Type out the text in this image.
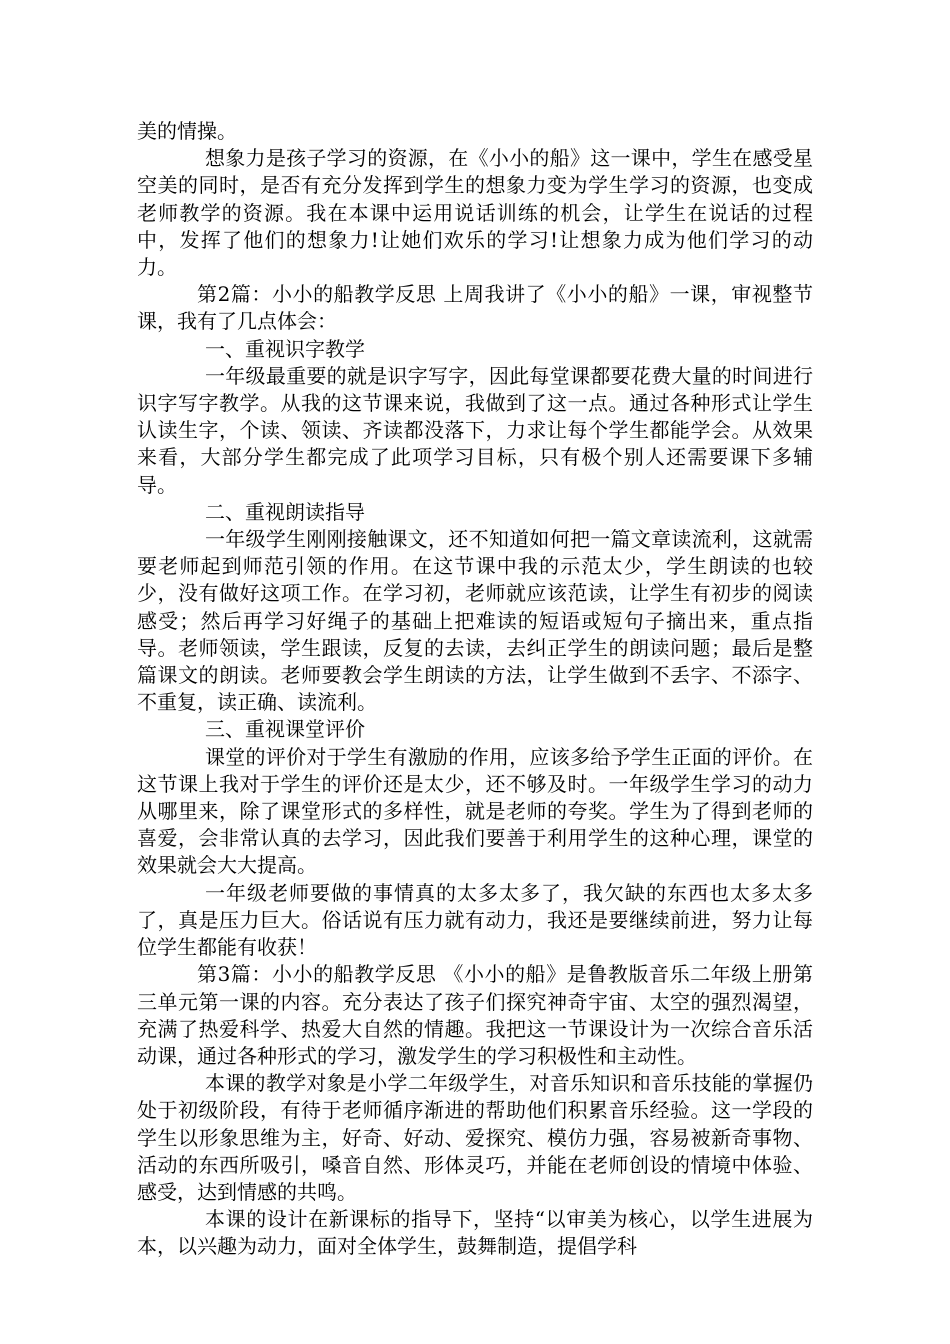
美的情操。

想象力是孩子学习的资源，在《小小的船》这一课中，学生在感受星空美的同时，是否有充分发挥到学生的想象力变为学生学习的资源，也变成老师教学的资源。我在本课中运用说话训练的机会，让学生在说话的过程中，发挥了他们的想象力!让她们欢乐的学习!让想象力成为他们学习的动力。

第2篇：小小的船教学反思 上周我讲了《小小的船》一课，审视整节课，我有了几点体会：

一、重视识字教学

一年级最重要的就是识字写字，因此每堂课都要花费大量的时间进行识字写字教学。从我的这节课来说，我做到了这一点。通过各种形式让学生认读生字，个读、领读、齐读都没落下，力求让每个学生都能学会。从效果来看，大部分学生都完成了此项学习目标，只有极个别人还需要课下多辅导。

二、重视朗读指导

一年级学生刚刚接触课文，还不知道如何把一篇文章读流利，这就需要老师起到师范引领的作用。在这节课中我的示范太少，学生朗读的也较少，没有做好这项工作。在学习初，老师就应该范读，让学生有初步的阅读感受；然后再学习好绳子的基础上把难读的短语或短句子摘出来，重点指导。老师领读，学生跟读，反复的去读，去纠正学生的朗读问题；最后是整篇课文的朗读。老师要教会学生朗读的方法，让学生做到不丢字、不添字、不重复，读正确、读流利。

三、重视课堂评价

课堂的评价对于学生有激励的作用，应该多给予学生正面的评价。在这节课上我对于学生的评价还是太少，还不够及时。一年级学生学习的动力从哪里来，除了课堂形式的多样性，就是老师的夸奖。学生为了得到老师的喜爱，会非常认真的去学习，因此我们要善于利用学生的这种心理，课堂的效果就会大大提高。

一年级老师要做的事情真的太多太多了，我欠缺的东西也太多太多了，真是压力巨大。俗话说有压力就有动力，我还是要继续前进，努力让每位学生都能有收获！

第3篇：小小的船教学反思 《小小的船》是鲁教版音乐二年级上册第三单元第一课的内容。充分表达了孩子们探究神奇宇宙、太空的强烈渴望，充满了热爱科学、热爱大自然的情趣。我把这一节课设计为一次综合音乐活动课，通过各种形式的学习，激发学生的学习积极性和主动性。

本课的教学对象是小学二年级学生，对音乐知识和音乐技能的掌握仍处于初级阶段，有待于老师循序渐进的帮助他们积累音乐经验。这一学段的学生以形象思维为主，好奇、好动、爱探究、模仿力强，容易被新奇事物、活动的东西所吸引，嗓音自然、形体灵巧，并能在老师创设的情境中体验、感受，达到情感的共鸣。

本课的设计在新课标的指导下，坚持“以审美为核心，以学生进展为本，以兴趣为动力，面对全体学生，鼓舞制造，提倡学科
